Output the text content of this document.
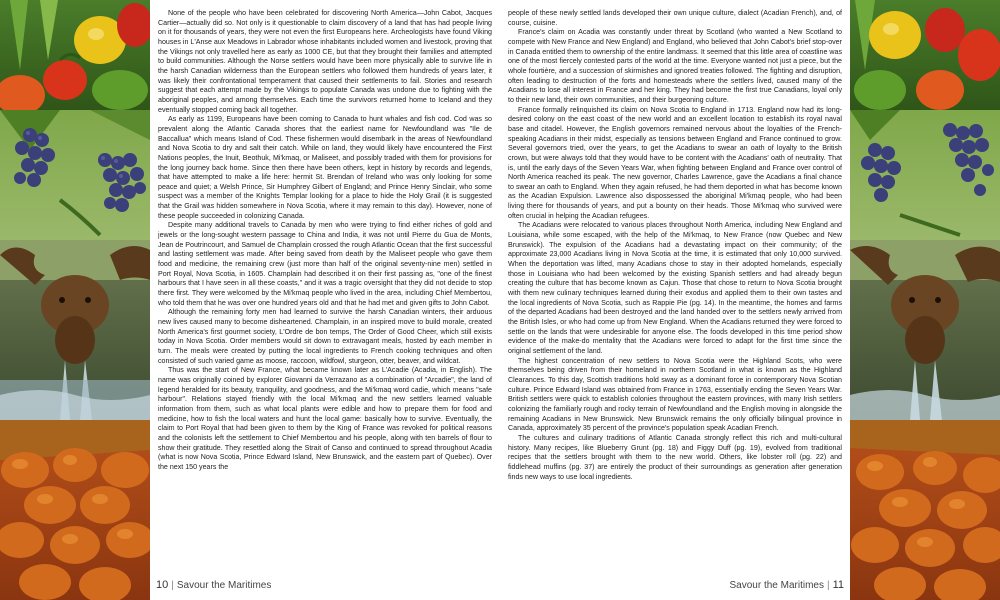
None of the people who have been celebrated for discovering North America—John Cabot, Jacques Cartier—actually did so. Not only is it questionable to claim discovery of a land that has had people living on it for thousands of years, they were not even the first Europeans here. Archeologists have found Viking houses in L'Anse aux Meadows in Labrador whose inhabitants included women and livestock, proving that the Vikings not only travelled here as early as 1000 CE, but that they brought their families and attempted to build communities. Although the Norse settlers would have been more physically able to survive life in the harsh Canadian wilderness than the European settlers who followed them hundreds of years later, it was likely their confrontational temperament that caused their settlements to fail. Stories and research suggest that each attempt made by the Vikings to populate Canada was undone due to fighting with the aboriginal peoples, and among themselves. Each time the survivors returned home to Iceland and they eventually stopped coming back all together.

As early as 1199, Europeans have been coming to Canada to hunt whales and fish cod. Cod was so prevalent along the Atlantic Canada shores that the earliest name for Newfoundland was "Ile de Baccallua" which means Island of Cod. These fishermen would disembark in the areas of Newfoundland and Nova Scotia to dry and salt their catch. While on land, they would likely have encountered the First Nations peoples, the Inuit, Beothuk, Mi'kmaq, or Maliseet, and possibly traded with them for provisions for the long journey back home. Since then there have been others, kept in history by records and legends, that have attempted to make a life here: hermit St. Brendan of Ireland who was only looking for some peace and quiet; a Welsh Prince, Sir Humphrey Gilbert of England; and Prince Henry Sinclair, who some suspect was a member of the Knights Templar looking for a place to hide the Holy Grail (it is suggested that the Grail was hidden somewhere in Nova Scotia, where it may remain to this day). However, none of these people succeeded in colonizing Canada.

Despite many additional travels to Canada by men who were trying to find either riches of gold and jewels or the long-sought western passage to China and India, it was not until Pierre du Gua de Monts, Jean de Poutrincourt, and Samuel de Champlain crossed the rough Atlantic Ocean that the first successful and lasting settlement was made. After being saved from death by the Maliseet people who gave them food and medicine, the remaining crew (just more than half of the original seventy-nine men) settled in Port Royal, Nova Scotia, in 1605. Champlain had described it on their first passing as, "one of the finest harbours that I have seen in all these coasts," and it was a tragic oversight that they did not decide to stop there first. They were welcomed by the Mi'kmaq people who lived in the area, including Chief Membertou, who told them that he was over one hundred years old and that he had met and given gifts to John Cabot.

Although the remaining forty men had learned to survive the harsh Canadian winters, their arduous new lives caused many to become disheartened. Champlain, in an inspired move to build morale, created North America's first gourmet society, L'Ordre de bon temps, The Order of Good Cheer, which still exists today in Nova Scotia. Order members would sit down to extravagant meals, hosted by each member in turn. The meals were created by putting the local ingredients to French cooking techniques and often consisted of such varied game as moose, raccoon, wildfowl, sturgeon, otter, beaver, and wildcat.

Thus was the start of New France, what became known later as L'Acadie (Acadia, in English). The name was originally coined by explorer Giovanni da Verrazano as a combination of "Arcadie", the land of legend heralded for its beauty, tranquility, and goodness, and the Mi'kmaq word cadie, which means "safe harbour". Relations stayed friendly with the local Mi'kmaq and the new settlers learned valuable information from them, such as what local plants were edible and how to prepare them for food and medicine, how to fish the local waters and hunt the local game: basically how to survive. Eventually, the claim to Port Royal that had been given to them by the King of France was revoked for political reasons and the colonists left the settlement to Chief Membertou and his people, along with ten barrels of flour to show their gratitude. They resettled along the Strait of Canso and continued to spread throughout Acadia (what is now Nova Scotia, Prince Edward Island, New Brunswick, and the eastern part of Quebec). Over the next 150 years the

10 | Savour the Maritimes

people of these newly settled lands developed their own unique culture, dialect (Acadian French), and, of course, cuisine.

France's claim on Acadia was constantly under threat by Scotland (who wanted a New Scotland to compete with New France and New England) and England, who believed that John Cabot's brief stop-over in Canada entitled them to ownership of the entire landmass. It seemed that this little area of coastline was one of the most fiercely contested parts of the world at the time. Everyone wanted not just a piece, but the whole fourtière, and a succession of skirmishes and ignored treaties followed. The fighting and disruption, often leading to destruction of the forts and homesteads where the settlers lived, caused many of the Acadians to lose all interest in France and her king. They had become the first true Canadians, loyal only to their new land, their own communities, and their burgeoning culture.

France formally relinquished its claim on Nova Scotia to England in 1713. England now had its long-desired colony on the east coast of the new world and an excellent location to establish its royal naval base and citadel. However, the English governors remained nervous about the loyalties of the French-speaking Acadians in their midst, especially as tensions between England and France continued to grow. Several governors tried, over the years, to get the Acadians to swear an oath of loyalty to the British crown, but were always told that they would have to be content with the Acadians' oath of neutrality. That is, until the early days of the Seven Years War, when fighting between England and France over control of North America reached its peak. The new governor, Charles Lawrence, gave the Acadians a final chance to swear an oath to England. When they again refused, he had them deported in what has become known as the Acadian Expulsion. Lawrence also dispossessed the aboriginal Mi'kmaq people, who had been living there for thousands of years, and put a bounty on their heads. Those Mi'kmaq who survived were often crucial in helping the Acadian refugees.

The Acadians were relocated to various places throughout North America, including New England and Louisiana, while some escaped, with the help of the Mi'kmaq, to New France (now Quebec and New Brunswick). The expulsion of the Acadians had a devastating impact on their community; of the approximate 23,000 Acadians living in Nova Scotia at the time, it is estimated that only 10,000 survived. When the deportation was lifted, many Acadians chose to stay in their adopted homelands, especially those in Louisiana who had been welcomed by the existing Spanish settlers and had already begun creating the culture that has become known as Cajun. Those that chose to return to Nova Scotia brought with them new culinary techniques learned during their exodus and applied them to their own tastes and the local ingredients of Nova Scotia, such as Rappie Pie (pg. 14). In the meantime, the homes and farms of the departed Acadians had been destroyed and the land handed over to the settlers newly arrived from the British Isles, or who had come up from New England. When the Acadians returned they were forced to settle on the lands that were undesirable for anyone else. The foods developed in this time period show evidence of the make-do mentality that the Acadians were forced to adapt for the first time since the original settlement of the land.

The highest concentration of new settlers to Nova Scotia were the Highland Scots, who were themselves being driven from their homeland in northern Scotland in what is known as the Highland Clearances. To this day, Scottish traditions hold sway as a dominant force in contemporary Nova Scotian culture. Prince Edward Island was obtained from France in 1763, essentially ending the Seven Years War. British settlers were quick to establish colonies throughout the eastern provinces, with many Irish settlers colonizing the familiarly rough and rocky terrain of Newfoundland and the English moving in alongside the remaining Acadians in New Brunswick. New Brunswick remains the only officially bilingual province in Canada, approximately 35 percent of the province's population speak Acadian French.

The cultures and culinary traditions of Atlantic Canada strongly reflect this rich and multi-cultural history. Many recipes, like Blueberry Grunt (pg. 18) and Figgy Duff (pg. 19), evolved from traditional recipes that the settlers brought with them to the new world. Others, like lobster roll (pg. 22) and fiddlehead muffins (pg. 37) are entirely the product of their surroundings as generation after generation finds new ways to use local ingredients.

Savour the Maritimes | 11
